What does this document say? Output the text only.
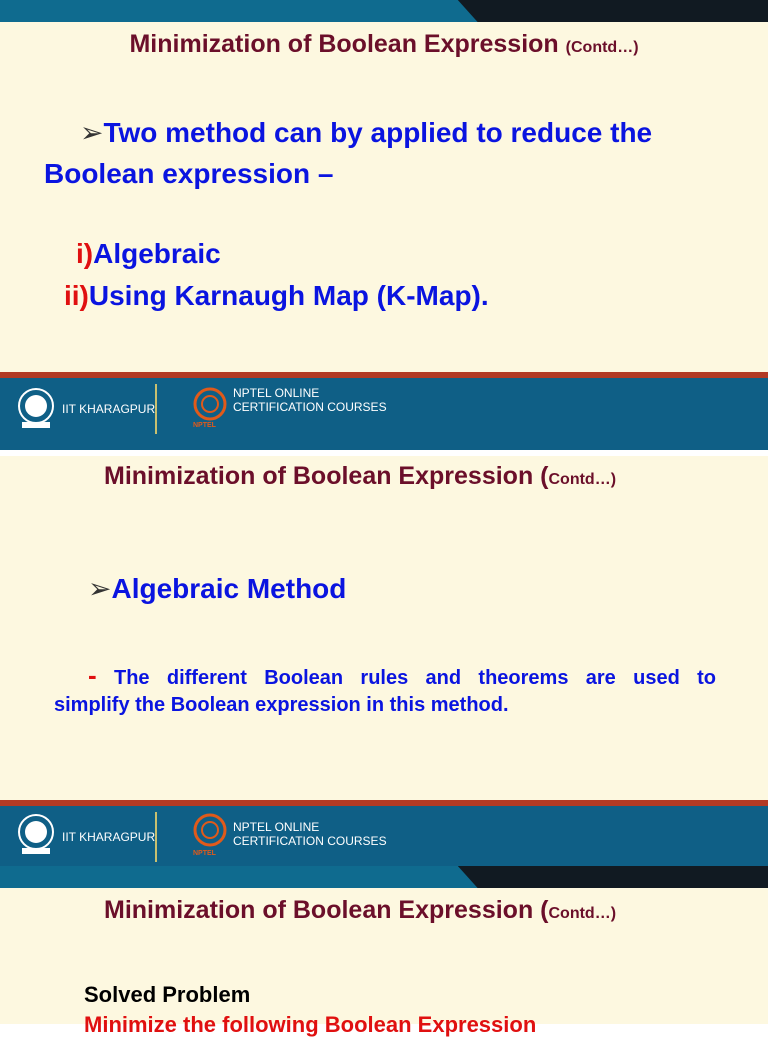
Minimization of Boolean Expression (Contd…)
➢Two method can by applied to reduce the
Boolean expression –
i)Algebraic
ii)Using Karnaugh Map (K-Map).
IIT KHARAGPUR
NPTEL
NPTEL ONLINE
CERTIFICATION COURSES
Minimization of Boolean Expression (Contd…)
➢Algebraic Method
- The different Boolean rules and theorems are used to
simplify the Boolean expression in this method.
IIT KHARAGPUR
NPTEL
NPTEL ONLINE
CERTIFICATION COURSES
Minimization of Boolean Expression (Contd…)
Solved Problem
Minimize the following Boolean Expression
